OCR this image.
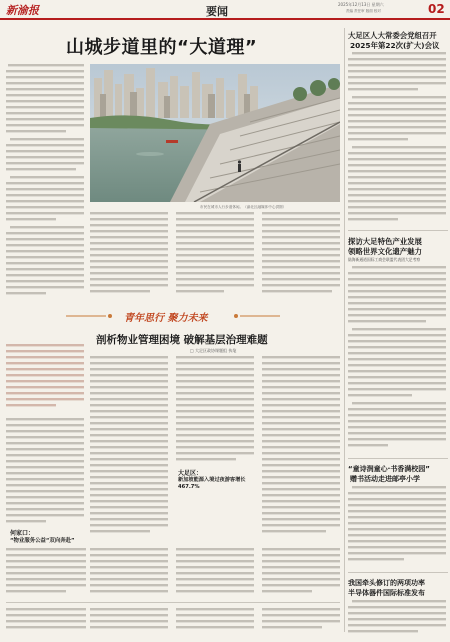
新渝报	要闻
2025年12月13日 星期六
责编 责任审 版面 校对	02
山城步道里的“大道理”
市民在城市人行步道休闲。（渝北区融媒体中心供图）
大足区人大常委会党组召开
2025年第22次(扩大)会议
探访大足特色产业发展
领略世界文化遗产魅力
陆海新通道国际工商会联盟代表团大足考察
“童诗润童心·书香满校园”
赠书活动走进邮亭小学
我国牵头修订的两项功率
半导体器件国际标准发布
青年思行 聚力未来
剖析物业管理困境 破解基层治理难题
□ 大足区政协课题组 执笔
大足区：
新加坡能源入境过夜游客增长467.7%
何家口：
“物业服务公益“双向奔赴”
